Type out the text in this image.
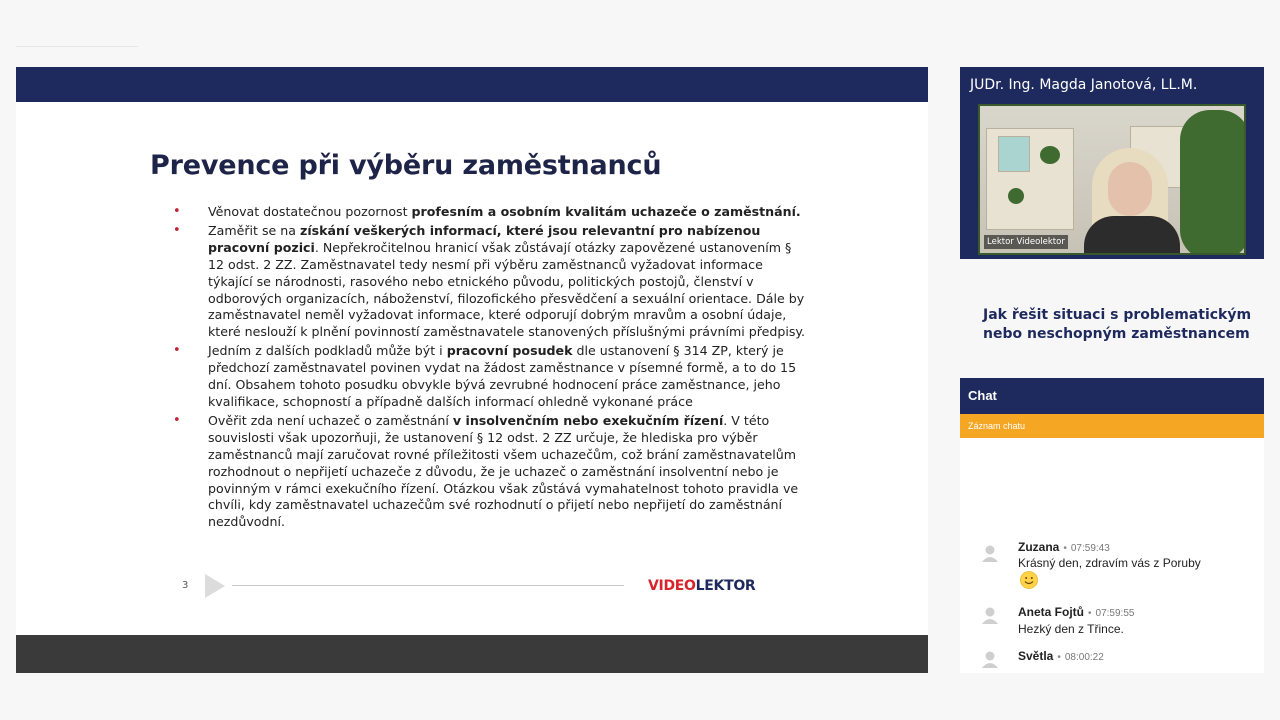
Prevence při výběru zaměstnanců
• Věnovat dostatečnou pozornost profesním a osobním kvalitám uchazeče o zaměstnání.
• Zaměřit se na získání veškerých informací, které jsou relevantní pro nabízenou pracovní pozici. Nepřekročitelnou hranicí však zůstávají otázky zapovězené ustanovením § 12 odst. 2 ZZ. Zaměstnavatel tedy nesmí při výběru zaměstnanců vyžadovat informace týkající se národnosti, rasového nebo etnického původu, politických postojů, členství v odborových organizacích, náboženství, filozofického přesvědčení a sexuální orientace. Dále by zaměstnavatel neměl vyžadovat informace, které odporují dobrým mravům a osobní údaje, které neslouží k plnění povinností zaměstnavatele stanovených příslušnými právními předpisy.
• Jedním z dalších podkladů může být i pracovní posudek dle ustanovení § 314 ZP, který je předchozí zaměstnavatel povinen vydat na žádost zaměstnance v písemné formě, a to do 15 dní. Obsahem tohoto posudku obvykle bývá zevrubné hodnocení práce zaměstnance, jeho kvalifikace, schopností a případně dalších informací ohledně vykonané práce
• Ověřit zda není uchazeč o zaměstnání v insolvenčním nebo exekučním řízení. V této souvislosti však upozorňuji, že ustanovení § 12 odst. 2 ZZ určuje, že hlediska pro výběr zaměstnanců mají zaručovat rovné příležitosti všem uchazečům, což brání zaměstnavatelům rozhodnout o nepřijetí uchazeče z důvodu, že je uchazeč o zaměstnání insolventní nebo je povinným v rámci exekučního řízení. Otázkou však zůstává vymahatelnost tohoto pravidla ve chvíli, kdy zaměstnavatel uchazečům své rozhodnutí o přijetí nebo nepřijetí do zaměstnání nezdůvodní.
3	VIDEOLEKTOR
JUDr. Ing. Magda Janotová, LL.M.
Lektor Videolektor
Jak řešit situaci s problematickým nebo neschopným zaměstnancem
Chat
Záznam chatu
Zuzana • 07:59:43
Krásný den, zdravím vás z Poruby
Aneta Fojtů • 07:59:55
Hezký den z Třince.
Světla • 08:00:22
